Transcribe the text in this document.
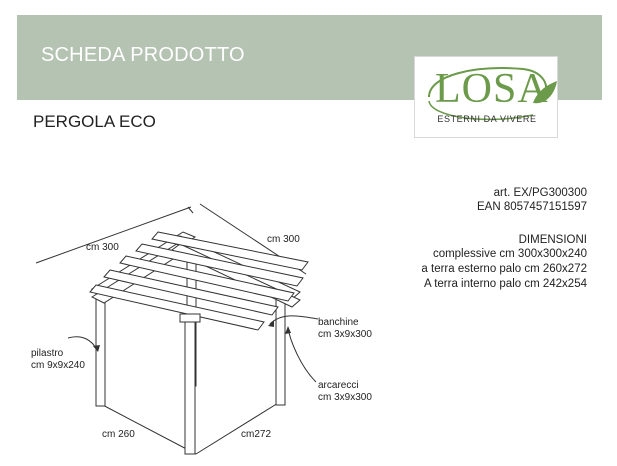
SCHEDA PRODOTTO
LOSA
ESTERNI DA VIVERE
PERGOLA ECO
art. EX/PG300300
EAN 8057457151597
DIMENSIONI
complessive cm 300x300x240
a terra esterno palo cm 260x272
A terra interno palo cm 242x254
cm 300
cm 300
banchine
cm 3x9x300
pilastro
cm 9x9x240
arcarecci
cm 3x9x300
cm 260	cm272
